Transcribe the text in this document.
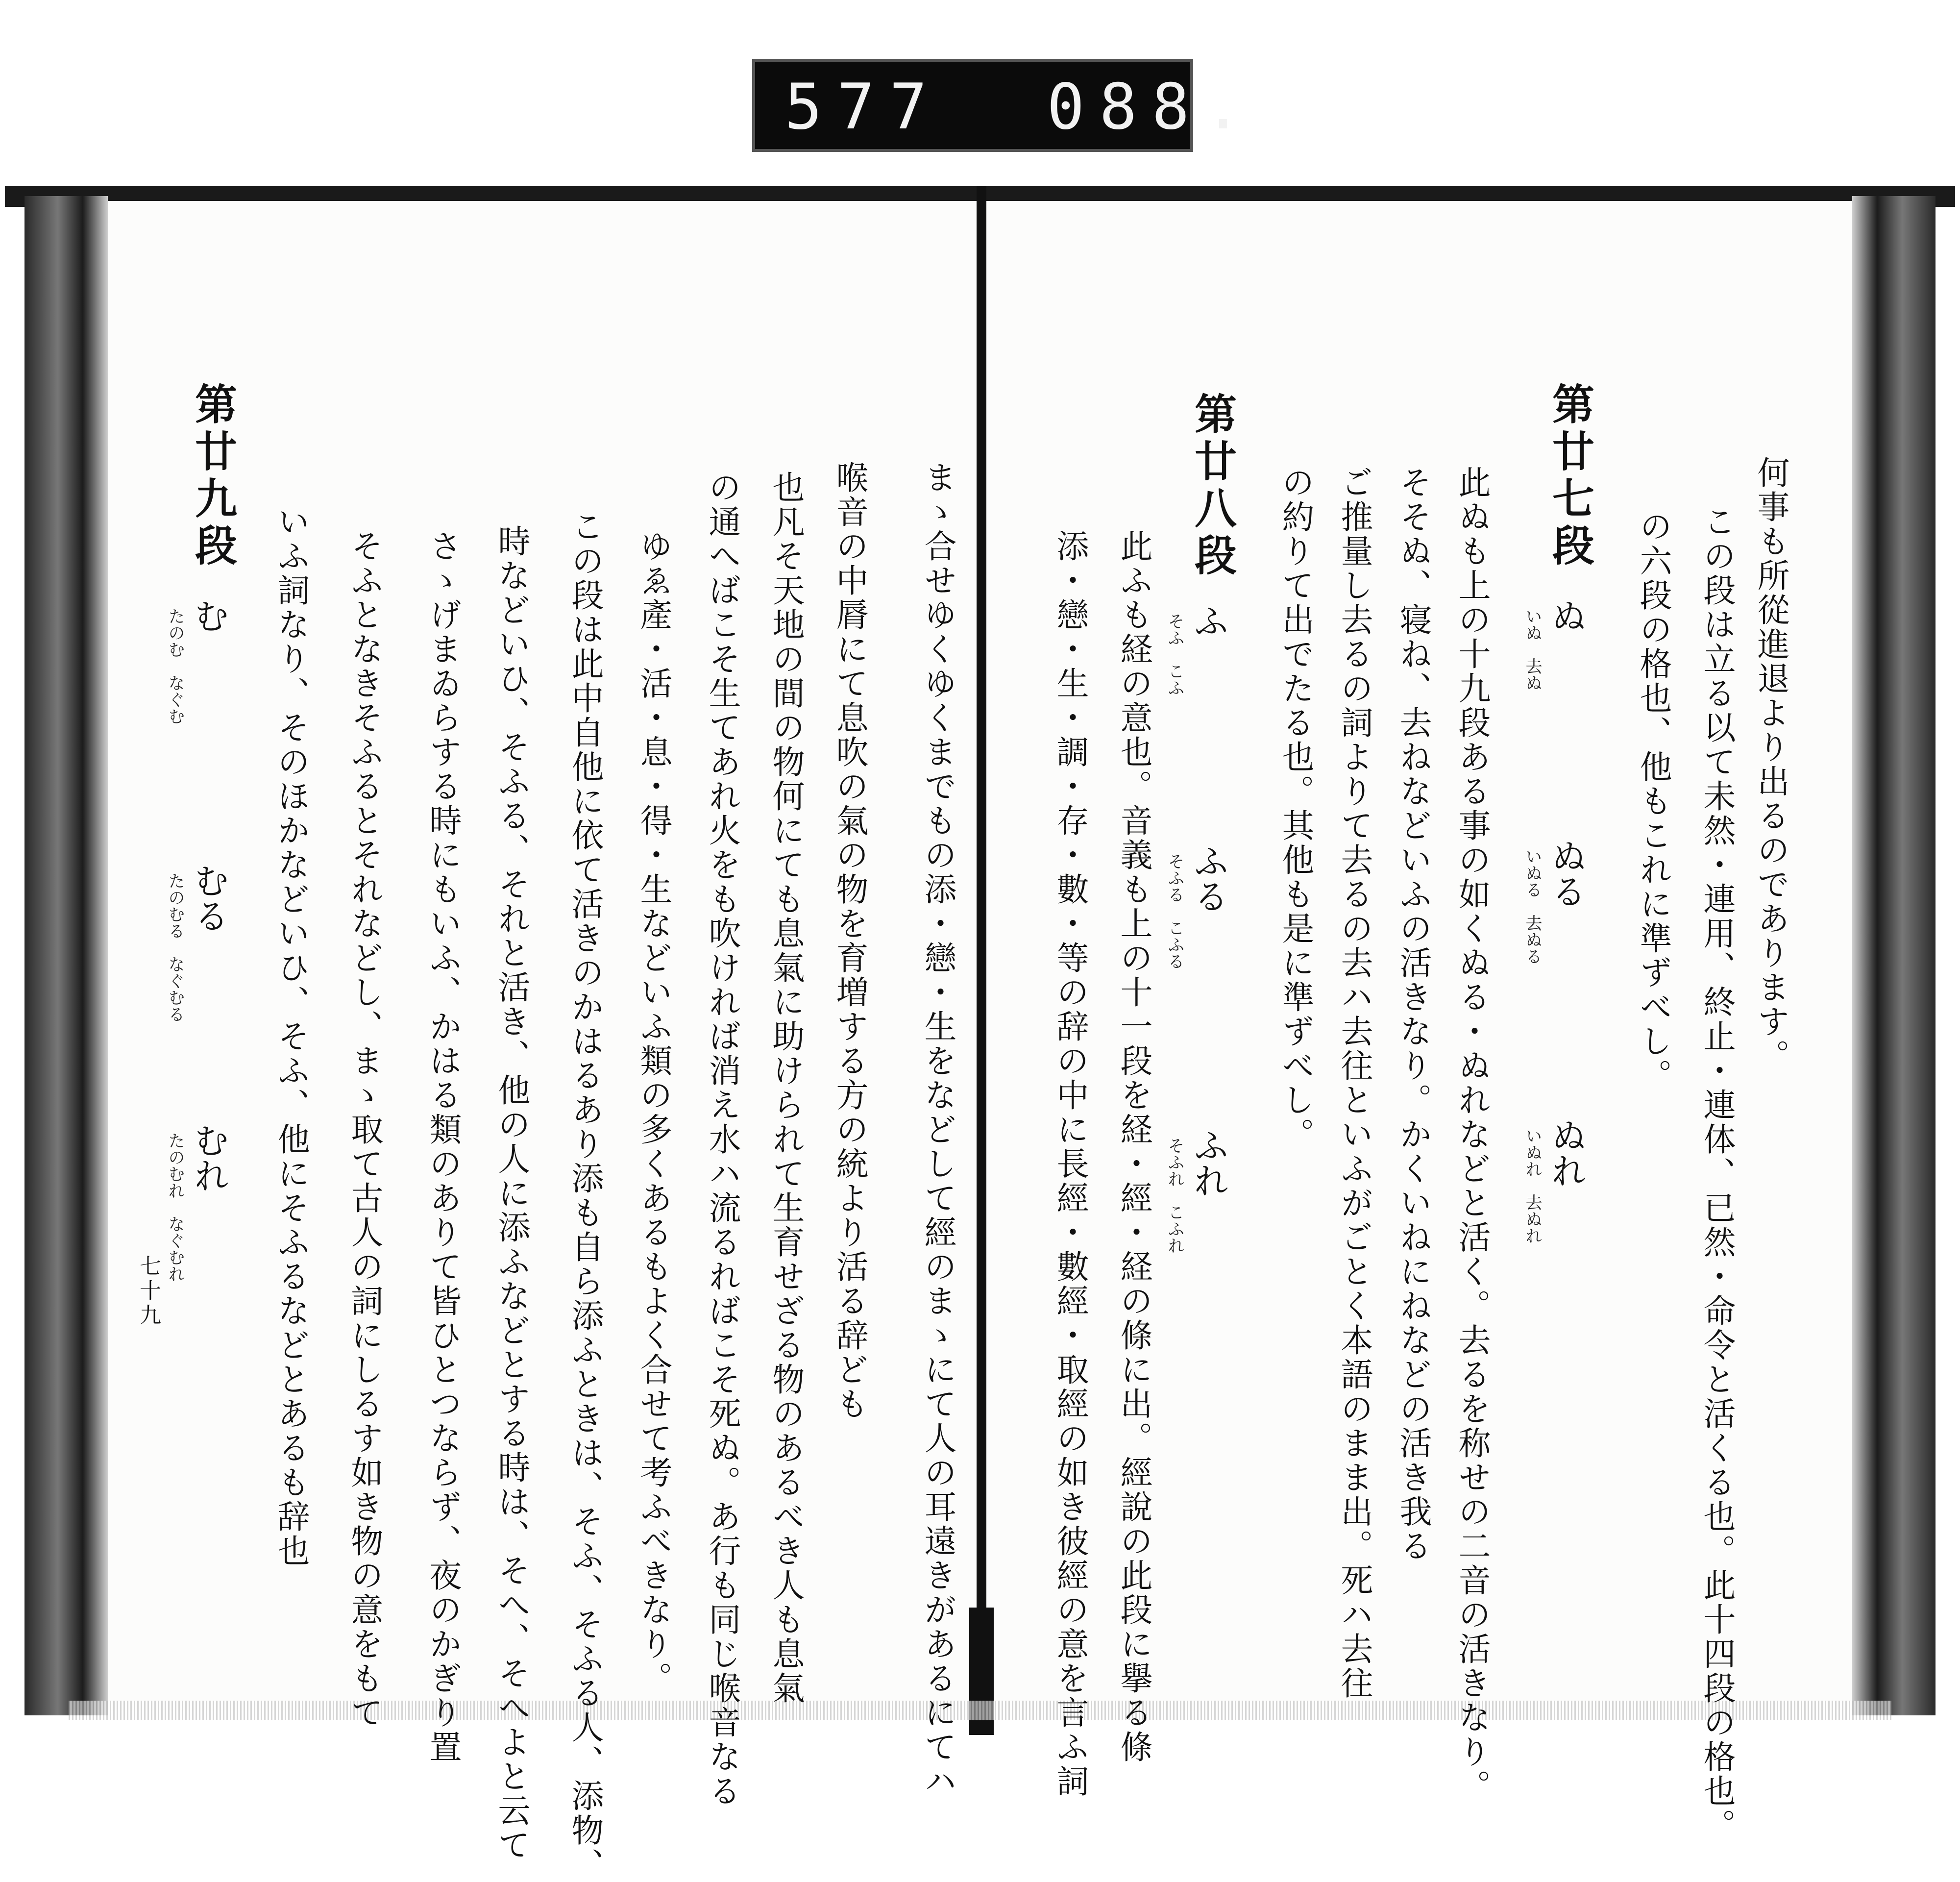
577  088.
何事も所從進退より出るのであります。
この段は立る以て未然・連用、終止・連体、已然・命令と活くる也。此十四段の格也。
の六段の格也、他もこれに準ずべし。
第廿七段
ぬ
いぬ　去ぬ
ぬる
いぬる　去ぬる
ぬれ
いぬれ　去ぬれ
此ぬも上の十九段ある事の如くぬる・ぬれなどと活く。去るを称せの二音の活きなり。
そそぬ、寝ね、去ねなどいふの活きなり。かくいねにねなどの活き我る
ご推量し去るの詞よりて去るの去ハ去往といふがごとく本語のまま出。死ハ去往
の約りて出でたる也。其他も是に準ずべし。
第廿八段
ふ
そふ　こふ
ふる
そふる　こふる
ふれ
そふれ　こふれ
此ふも経の意也。音義も上の十一段を経・經・経の條に出。經說の此段に擧る條
添・戀・生・調・存・數・等の辞の中に長經・數經・取經の如き彼經の意を言ふ詞
まゝ合せゆくゆくまでもの添・戀・生をなどして經のまゝにて人の耳遠きがあるにてハ
喉音の中脣にて息吹の氣の物を育増する方の統より活る辞ども
也凡そ天地の間の物何にても息氣に助けられて生育せざる物のあるべき人も息氣
の通へばこそ生てあれ火をも吹ければ消え水ハ流るればこそ死ぬ。あ行も同じ喉音なる
ゆゑ產・活・息・得・生などいふ類の多くあるもよく合せて考ふべきなり。
この段は此中自他に依て活きのかはるあり添も自ら添ふときは、そふ、そふる人、添物、
時などいひ、そふる、それと活き、他の人に添ふなどとする時は、そへ、そへよと云て
さゝげまゐらする時にもいふ、かはる類のありて皆ひとつならず、夜のかぎり置
そふとなきそふるとそれなどし、まゝ取て古人の詞にしるす如き物の意をもて
いふ詞なり、そのほかなどいひ、そふ、他にそふるなどとあるも辞也
第廿九段
む
たのむ　なぐむ
むる
たのむる　なぐむる
むれ
たのむれ　なぐむれ
七十九
